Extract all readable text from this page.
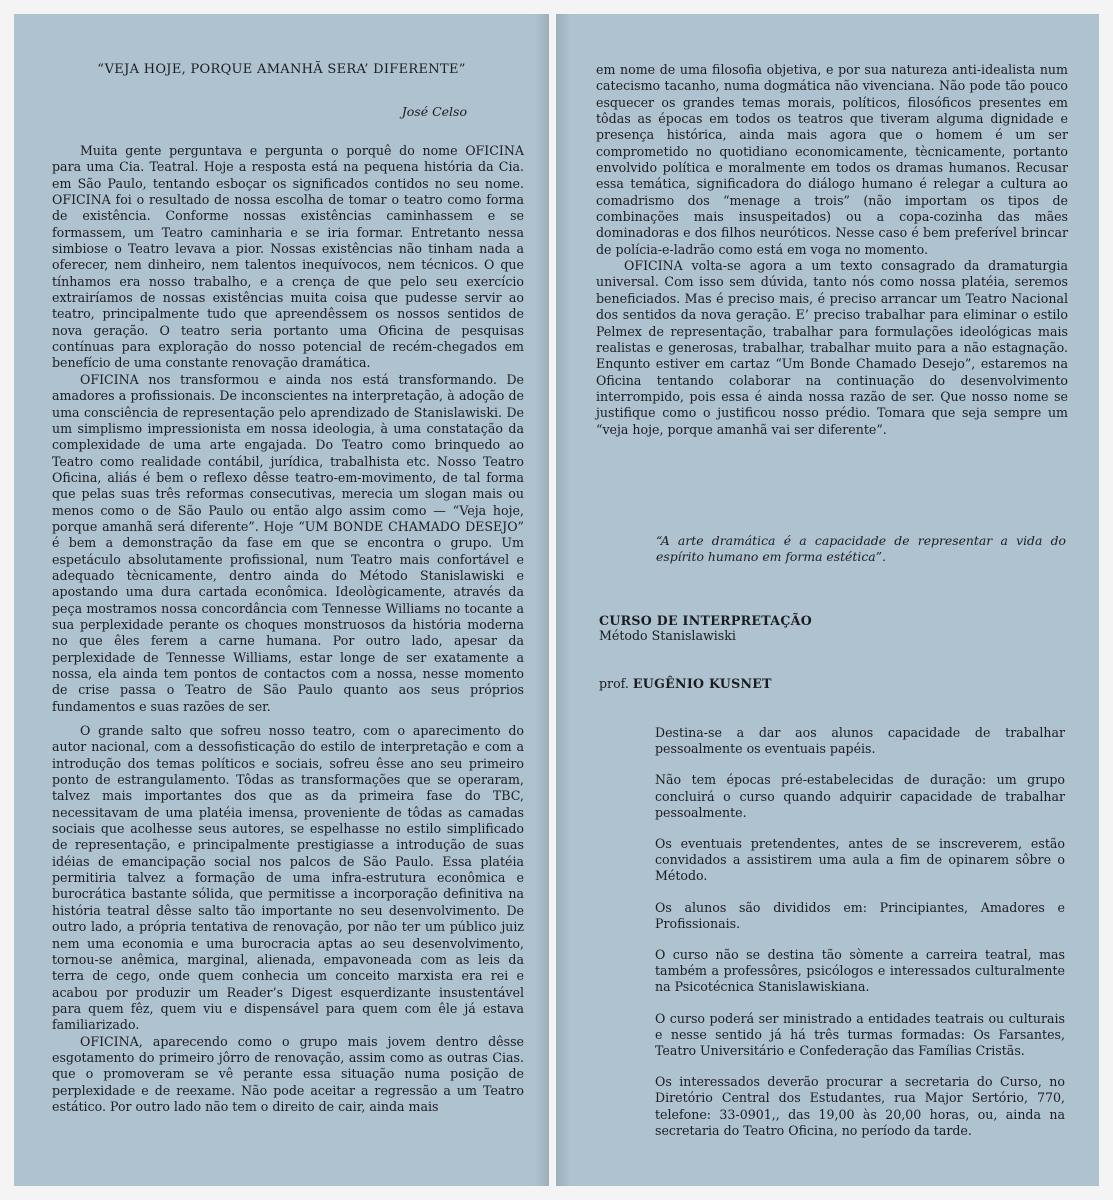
“VEJA HOJE, PORQUE AMANHÃ SERA’ DIFERENTE”

José Celso

Muita gente perguntava e pergunta o porquê do nome OFICINA para uma Cia. Teatral. Hoje a resposta está na pequena história da Cia. em São Paulo, tentando esboçar os significados contidos no seu nome. OFICINA foi o resultado de nossa escolha de tomar o teatro como forma de existência. Conforme nossas existências caminhassem e se formassem, um Teatro caminharia e se iria formar. Entretanto nessa simbiose o Teatro levava a pior. Nossas existências não tinham nada a oferecer, nem dinheiro, nem talentos inequívocos, nem técnicos. O que tínhamos era nosso trabalho, e a crença de que pelo seu exercício extrairíamos de nossas existências muita coisa que pudesse servir ao teatro, principalmente tudo que apreendêssem os nossos sentidos de nova geração. O teatro seria portanto uma Oficina de pesquisas contínuas para exploração do nosso potencial de recém-chegados em benefício de uma constante renovação dramática.

OFICINA nos transformou e ainda nos está transformando. De amadores a profissionais. De inconscientes na interpretação, à adoção de uma consciência de representação pelo aprendizado de Stanislawiski. De um simplismo impressionista em nossa ideologia, à uma constatação da complexidade de uma arte engajada. Do Teatro como brinquedo ao Teatro como realidade contábil, jurídica, trabalhista etc. Nosso Teatro Oficina, aliás é bem o reflexo dêsse teatro-em-movimento, de tal forma que pelas suas três reformas consecutivas, merecia um slogan mais ou menos como o de São Paulo ou então algo assim como — “Veja hoje, porque amanhã será diferente”. Hoje “UM BONDE CHAMADO DESEJO” é bem a demonstração da fase em que se encontra o grupo. Um espetáculo absolutamente profissional, num Teatro mais confortável e adequado tècnicamente, dentro ainda do Método Stanislawiski e apostando uma dura cartada econômica. Ideològicamente, através da peça mostramos nossa concordância com Tennesse Williams no tocante a sua perplexidade perante os choques monstruosos da história moderna no que êles ferem a carne humana. Por outro lado, apesar da perplexidade de Tennesse Williams, estar longe de ser exatamente a nossa, ela ainda tem pontos de contactos com a nossa, nesse momento de crise passa o Teatro de São Paulo quanto aos seus próprios fundamentos e suas razões de ser.

O grande salto que sofreu nosso teatro, com o aparecimento do autor nacional, com a dessofisticação do estilo de interpretação e com a introdução dos temas políticos e sociais, sofreu êsse ano seu primeiro ponto de estrangulamento. Tôdas as transformações que se operaram, talvez mais importantes dos que as da primeira fase do TBC, necessitavam de uma platéia imensa, proveniente de tôdas as camadas sociais que acolhesse seus autores, se espelhasse no estilo simplificado de representação, e principalmente prestigiasse a introdução de suas idéias de emancipação social nos palcos de São Paulo. Essa platéia permitiria talvez a formação de uma infra-estrutura econômica e burocrática bastante sólida, que permitisse a incorporação definitiva na história teatral dêsse salto tão importante no seu desenvolvimento. De outro lado, a própria tentativa de renovação, por não ter um público juiz nem uma economia e uma burocracia aptas ao seu desenvolvimento, tornou-se anêmica, marginal, alienada, empavoneada com as leis da terra de cego, onde quem conhecia um conceito marxista era rei e acabou por produzir um Reader’s Digest esquerdizante insustentável para quem fêz, quem viu e dispensável para quem com êle já estava familiarizado.

OFICINA, aparecendo como o grupo mais jovem dentro dêsse esgotamento do primeiro jôrro de renovação, assim como as outras Cias. que o promoveram se vê perante essa situação numa posição de perplexidade e de reexame. Não pode aceitar a regressão a um Teatro estático. Por outro lado não tem o direito de cair, ainda mais

em nome de uma filosofia objetiva, e por sua natureza anti-idealista num catecismo tacanho, numa dogmática não vivenciana. Não pode tão pouco esquecer os grandes temas morais, políticos, filosóficos presentes em tôdas as épocas em todos os teatros que tiveram alguma dignidade e presença histórica, ainda mais agora que o homem é um ser comprometido no quotidiano economicamente, tècnicamente, portanto envolvido política e moralmente em todos os dramas humanos. Recusar essa temática, significadora do diálogo humano é relegar a cultura ao comadrismo dos “menage a trois” (não importam os tipos de combinações mais insuspeitados) ou a copa-cozinha das mães dominadoras e dos filhos neuróticos. Nesse caso é bem preferível brincar de polícia-e-ladrão como está em voga no momento.

OFICINA volta-se agora a um texto consagrado da dramaturgia universal. Com isso sem dúvida, tanto nós como nossa platéia, seremos beneficiados. Mas é preciso mais, é preciso arrancar um Teatro Nacional dos sentidos da nova geração. E’ preciso trabalhar para eliminar o estilo Pelmex de representação, trabalhar para formulações ideológicas mais realistas e generosas, trabalhar, trabalhar muito para a não estagnação. Enqunto estiver em cartaz “Um Bonde Chamado Desejo”, estaremos na Oficina tentando colaborar na continuação do desenvolvimento interrompido, pois essa é ainda nossa razão de ser. Que nosso nome se justifique como o justificou nosso prédio. Tomara que seja sempre um “veja hoje, porque amanhã vai ser diferente”.

“A arte dramática é a capacidade de representar a vida do espírito humano em forma estética”.

CURSO DE INTERPRETAÇÃO

Método Stanislawiski

prof. EUGÊNIO KUSNET

Destina-se a dar aos alunos capacidade de trabalhar pessoalmente os eventuais papéis.

Não tem épocas pré-estabelecidas de duração: um grupo concluirá o curso quando adquirir capacidade de trabalhar pessoalmente.

Os eventuais pretendentes, antes de se inscreverem, estão convidados a assistirem uma aula a fim de opinarem sôbre o Método.

Os alunos são divididos em: Principiantes, Amadores e Profissionais.

O curso não se destina tão sòmente a carreira teatral, mas também a professôres, psicólogos e interessados culturalmente na Psicotécnica Stanislawiskiana.

O curso poderá ser ministrado a entidades teatrais ou culturais e nesse sentido já há três turmas formadas: Os Farsantes, Teatro Universitário e Confederação das Famílias Cristãs.

Os interessados deverão procurar a secretaria do Curso, no Diretório Central dos Estudantes, rua Major Sertório, 770, telefone: 33-0901,, das 19,00 às 20,00 horas, ou, ainda na secretaria do Teatro Oficina, no período da tarde.
